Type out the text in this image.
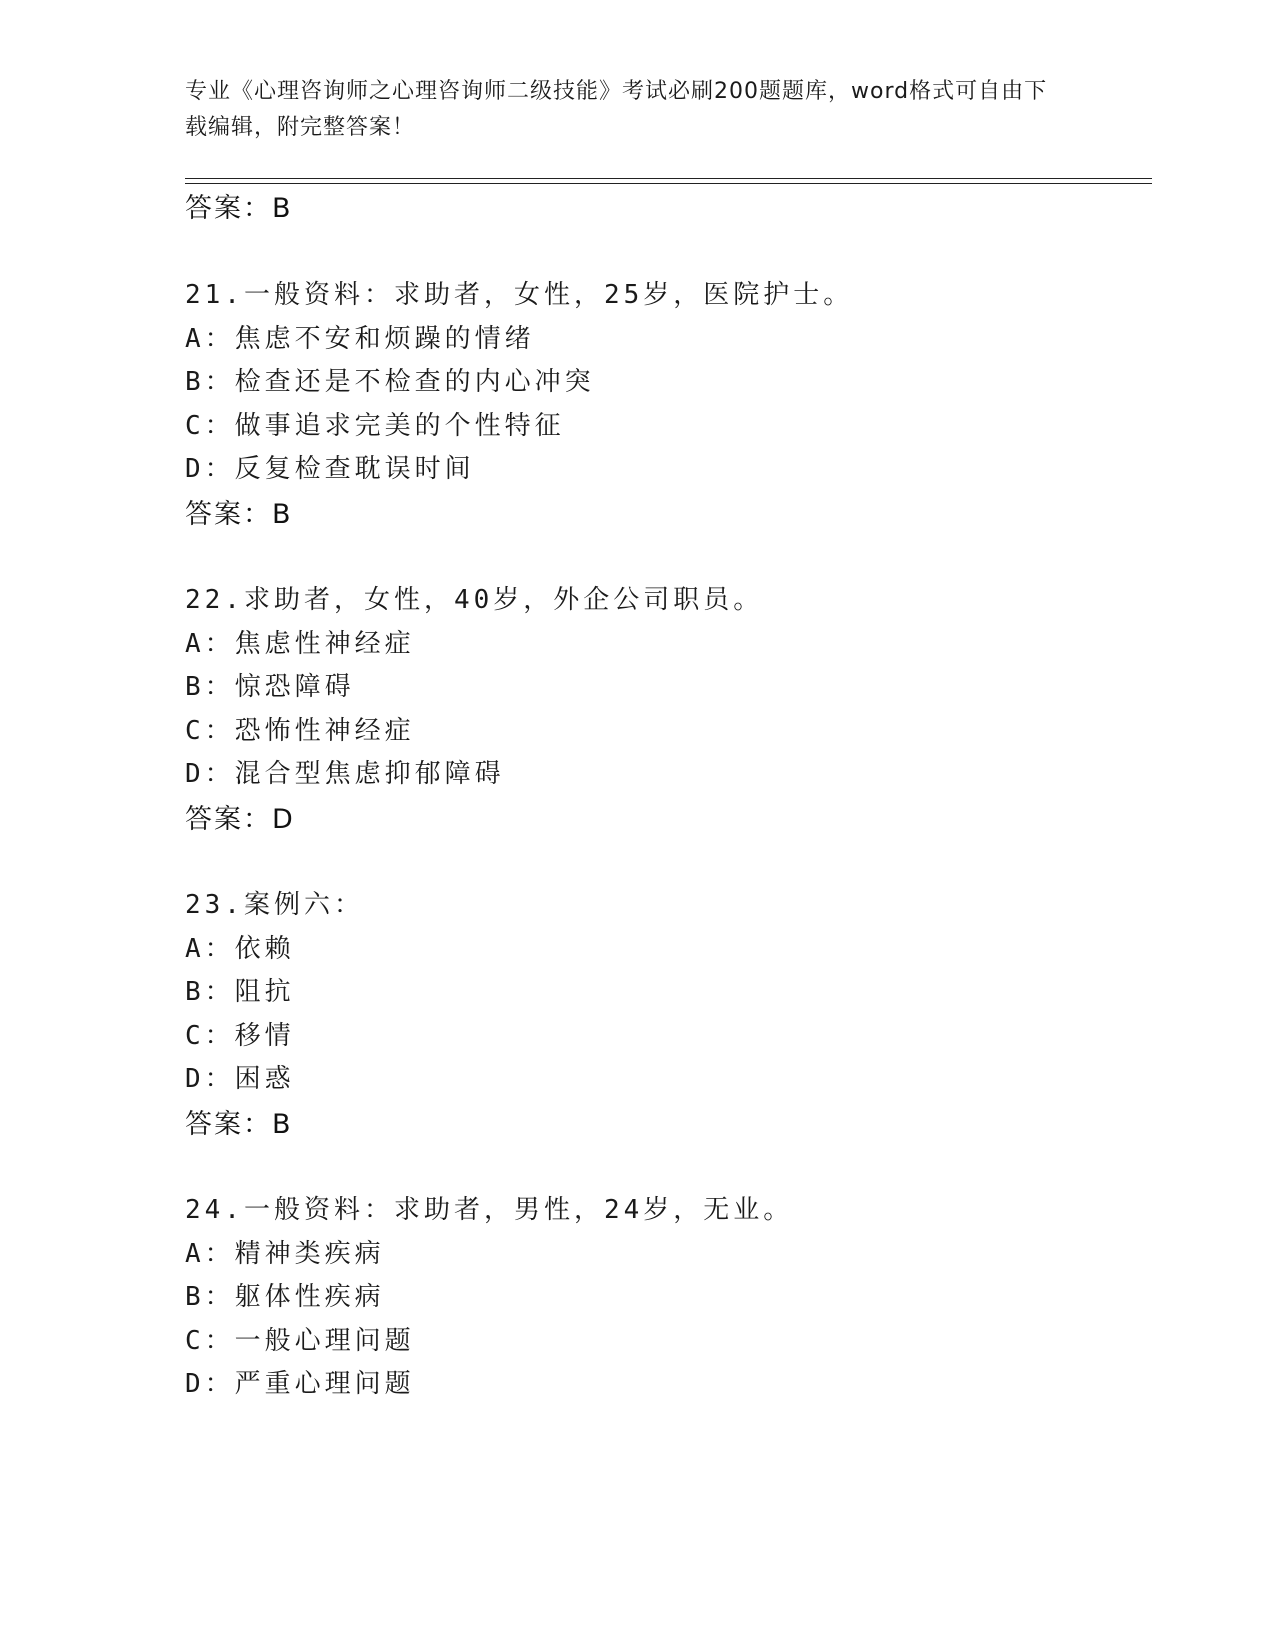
专业《心理咨询师之心理咨询师二级技能》考试必刷200题题库，word格式可自由下载编辑，附完整答案！
答案：B
21.一般资料：求助者，女性，25岁，医院护士。
A：焦虑不安和烦躁的情绪
B：检查还是不检查的内心冲突
C：做事追求完美的个性特征
D：反复检查耽误时间
答案：B
22.求助者，女性，40岁，外企公司职员。
A：焦虑性神经症
B：惊恐障碍
C：恐怖性神经症
D：混合型焦虑抑郁障碍
答案：D
23.案例六：
A：依赖
B：阻抗
C：移情
D：困惑
答案：B
24.一般资料：求助者，男性，24岁，无业。
A：精神类疾病
B：躯体性疾病
C：一般心理问题
D：严重心理问题
